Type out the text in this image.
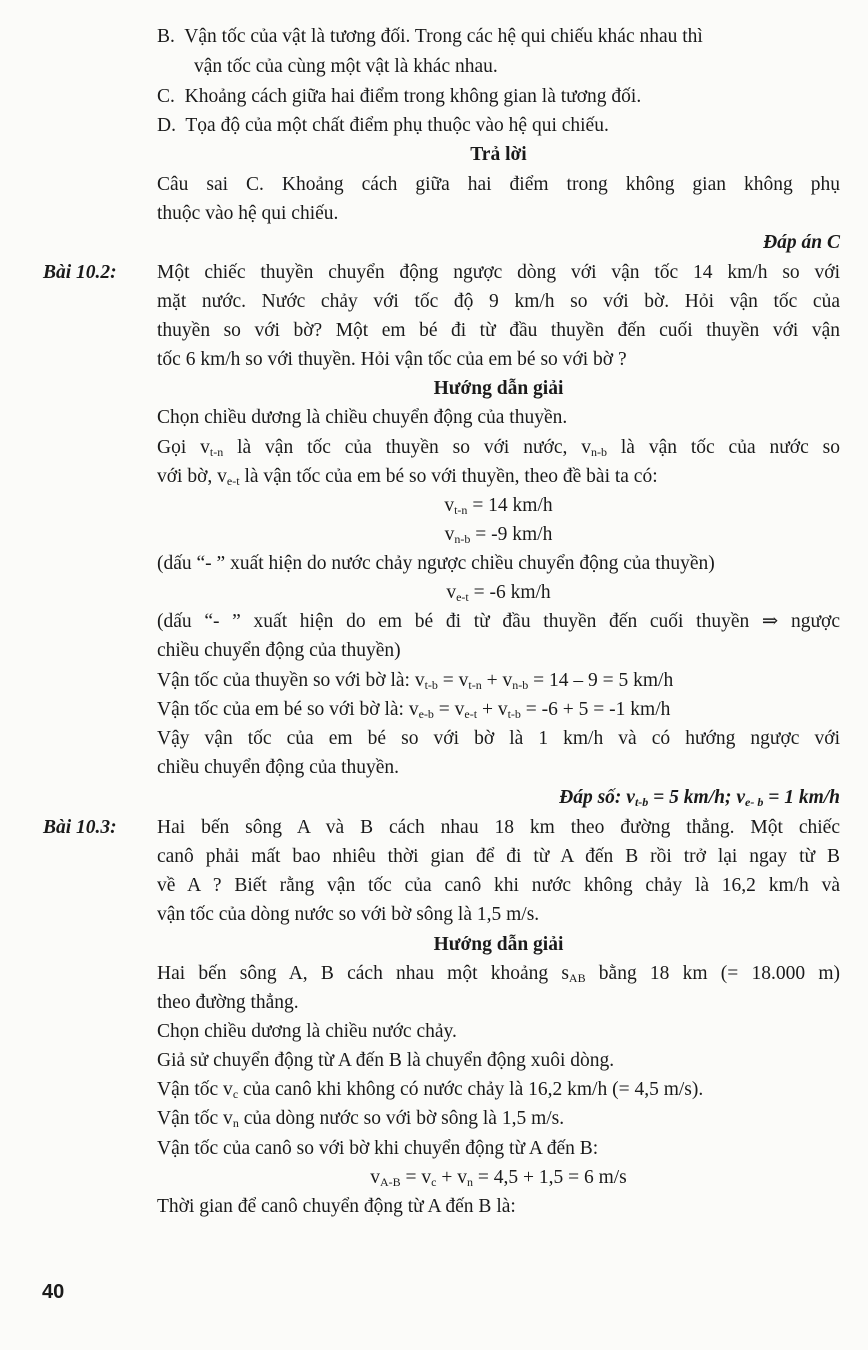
B. Vận tốc của vật là tương đối. Trong các hệ qui chiếu khác nhau thì
vận tốc của cùng một vật là khác nhau.
C. Khoảng cách giữa hai điểm trong không gian là tương đối.
D. Tọa độ của một chất điểm phụ thuộc vào hệ qui chiếu.
Trả lời
Câu sai C. Khoảng cách giữa hai điểm trong không gian không phụ
thuộc vào hệ qui chiếu.
Đáp án C
Bài 10.2: Một chiếc thuyền chuyển động ngược dòng với vận tốc 14 km/h so với
mặt nước. Nước chảy với tốc độ 9 km/h so với bờ. Hỏi vận tốc của
thuyền so với bờ? Một em bé đi từ đầu thuyền đến cuối thuyền với vận
tốc 6 km/h so với thuyền. Hỏi vận tốc của em bé so với bờ ?
Hướng dẫn giải
Chọn chiều dương là chiều chuyển động của thuyền.
Gọi $v_{t-n}$ là vận tốc của thuyền so với nước, $v_{n-b}$ là vận tốc của nước so
với bờ, $v_{e-t}$ là vận tốc của em bé so với thuyền, theo đề bài ta có:
$v_{t-n} = 14$ km/h
$v_{n-b} = -9$ km/h
(dấu “- ” xuất hiện do nước chảy ngược chiều chuyển động của thuyền)
$v_{e-t} = -6$ km/h
(dấu “- ” xuất hiện do em bé đi từ đầu thuyền đến cuối thuyền ⇒ ngược
chiều chuyển động của thuyền)
Vận tốc của thuyền so với bờ là: $v_{t-b} = v_{t-n} + v_{n-b} = 14 - 9 = 5$ km/h
Vận tốc của em bé so với bờ là: $v_{e-b} = v_{e-t} + v_{t-b} = -6 + 5 = -1$ km/h
Vậy vận tốc của em bé so với bờ là 1 km/h và có hướng ngược với
chiều chuyển động của thuyền.
Đáp số: $v_{t-b} = 5$ km/h; $v_{e- b} = 1$ km/h
Bài 10.3: Hai bến sông A và B cách nhau 18 km theo đường thẳng. Một chiếc
canô phải mất bao nhiêu thời gian để đi từ A đến B rồi trở lại ngay từ B
về A ? Biết rằng vận tốc của canô khi nước không chảy là 16,2 km/h và
vận tốc của dòng nước so với bờ sông là 1,5 m/s.
Hướng dẫn giải
Hai bến sông A, B cách nhau một khoảng $s_{AB}$ bằng 18 km (= 18.000 m)
theo đường thẳng.
Chọn chiều dương là chiều nước chảy.
Giả sử chuyển động từ A đến B là chuyển động xuôi dòng.
Vận tốc $v_c$ của canô khi không có nước chảy là 16,2 km/h (= 4,5 m/s).
Vận tốc $v_n$ của dòng nước so với bờ sông là 1,5 m/s.
Vận tốc của canô so với bờ khi chuyển động từ A đến B:
$v_{A-B} = v_c + v_n = 4,5 + 1,5 = 6$ m/s
Thời gian để canô chuyển động từ A đến B là:
40
